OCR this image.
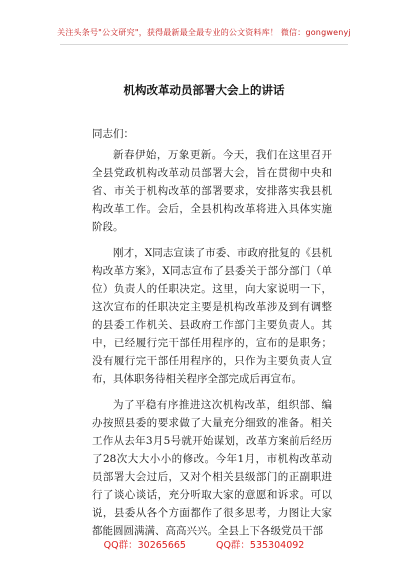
关注头条号"公文研究"，获得最新最全最专业的公文资料库！ 微信：gongwenyj
机构改革动员部署大会上的讲话
同志们：

新春伊始，万象更新。今天，我们在这里召开全县党政机构改革动员部署大会，旨在贯彻中央和省、市关于机构改革的部署要求，安排落实我县机构改革工作。会后，全县机构改革将进入具体实施阶段。

刚才，X同志宣读了市委、市政府批复的《县机构改革方案》，X同志宣布了县委关于部分部门（单位）负责人的任职决定。这里，向大家说明一下，这次宣布的任职决定主要是机构改革涉及到有调整的县委工作机关、县政府工作部门主要负责人。其中，已经履行完干部任用程序的，宣布的是职务；没有履行完干部任用程序的，只作为主要负责人宣布，具体职务待相关程序全部完成后再宣布。

为了平稳有序推进这次机构改革，组织部、编办按照县委的要求做了大量充分细致的准备。相关工作从去年3月5号就开始谋划，改革方案前后经历了28次大大小小的修改。今年1月，市机构改革动员部署大会过后，又对个相关县级部门的正副职进行了谈心谈话，充分听取大家的意愿和诉求。可以说，县委从各个方面都作了很多思考，力图让大家都能圆圆满满、高高兴兴。全县上下各级党员干部

QQ群：30265665	QQ群：535304092
